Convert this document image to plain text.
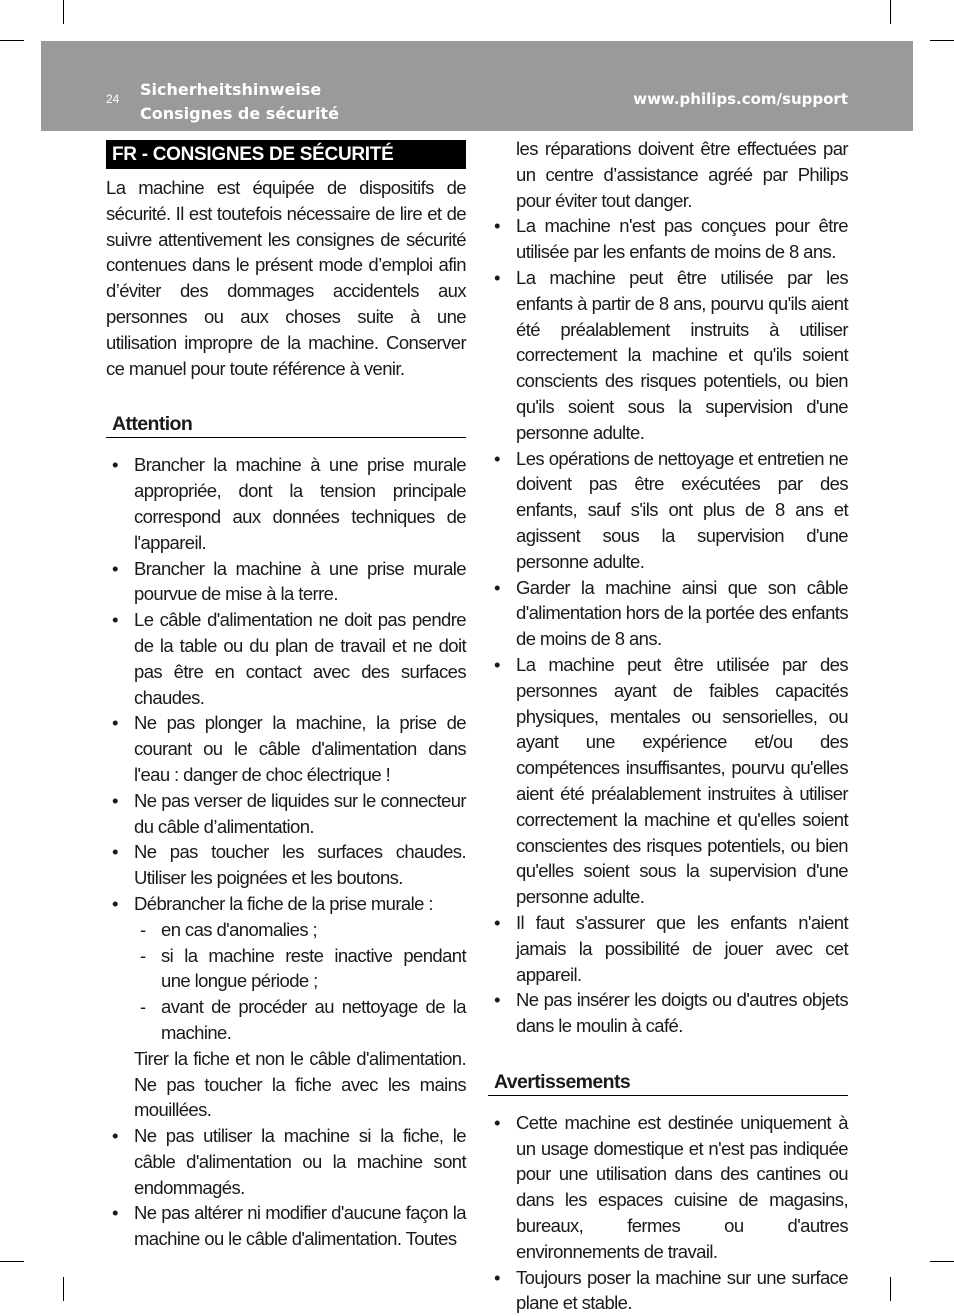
24 Sicherheitshinweise
Consignes de sécurité
www.philips.com/support
FR - CONSIGNES DE SÉCURITÉ

La machine est équipée de dispositifs de sécurité. Il est toutefois nécessaire de lire et de suivre attentivement les consignes de sécurité contenues dans le présent mode d’emploi afin d’éviter des dommages accidentels aux personnes ou aux choses suite à une utilisation impropre de la machine. Conserver ce manuel pour toute référence à venir.

Attention
• Brancher la machine à une prise murale appropriée, dont la tension principale correspond aux données techniques de l'appareil.
• Brancher la machine à une prise murale pourvue de mise à la terre.
• Le câble d'alimentation ne doit pas pendre de la table ou du plan de travail et ne doit pas être en contact avec des surfaces chaudes.
• Ne pas plonger la machine, la prise de courant ou le câble d'alimentation dans l'eau : danger de choc électrique !
• Ne pas verser de liquides sur le connecteur du câble d’alimentation.
• Ne pas toucher les surfaces chaudes. Utiliser les poignées et les boutons.
• Débrancher la fiche de la prise murale :
- en cas d'anomalies ;
- si la machine reste inactive pendant une longue période ;
- avant de procéder au nettoyage de la machine.

Tirer la fiche et non le câble d'alimentation. Ne pas toucher la fiche avec les mains mouillées.

• Ne pas utiliser la machine si la fiche, le câble d'alimentation ou la machine sont endommagés.
• Ne pas altérer ni modifier d'aucune façon la machine ou le câble d'alimentation. Toutes

les réparations doivent être effectuées par un centre d’assistance agréé par Philips pour éviter tout danger.

• La machine n'est pas conçues pour être utilisée par les enfants de moins de 8 ans.
• La machine peut être utilisée par les enfants à partir de 8 ans, pourvu qu'ils aient été préalablement instruits à utiliser correctement la machine et qu'ils soient conscients des risques potentiels, ou bien qu'ils soient sous la supervision d'une personne adulte.
• Les opérations de nettoyage et entretien ne doivent pas être exécutées par des enfants, sauf s'ils ont plus de 8 ans et agissent sous la supervision d'une personne adulte.
• Garder la machine ainsi que son câble d'alimentation hors de la portée des enfants de moins de 8 ans.
• La machine peut être utilisée par des personnes ayant de faibles capacités physiques, mentales ou sensorielles, ou ayant une expérience et/ou des compétences insuffisantes, pourvu qu'elles aient été préalablement instruites à utiliser correctement la machine et qu'elles soient conscientes des risques potentiels, ou bien qu'elles soient sous la supervision d'une personne adulte.
• Il faut s'assurer que les enfants n'aient jamais la possibilité de jouer avec cet appareil.
• Ne pas insérer les doigts ou d'autres objets dans le moulin à café.
Avertissements
• Cette machine est destinée uniquement à un usage domestique et n'est pas indiquée pour une utilisation dans des cantines ou dans les espaces cuisine de magasins, bureaux, fermes ou d'autres environnements de travail.
• Toujours poser la machine sur une surface plane et stable.
